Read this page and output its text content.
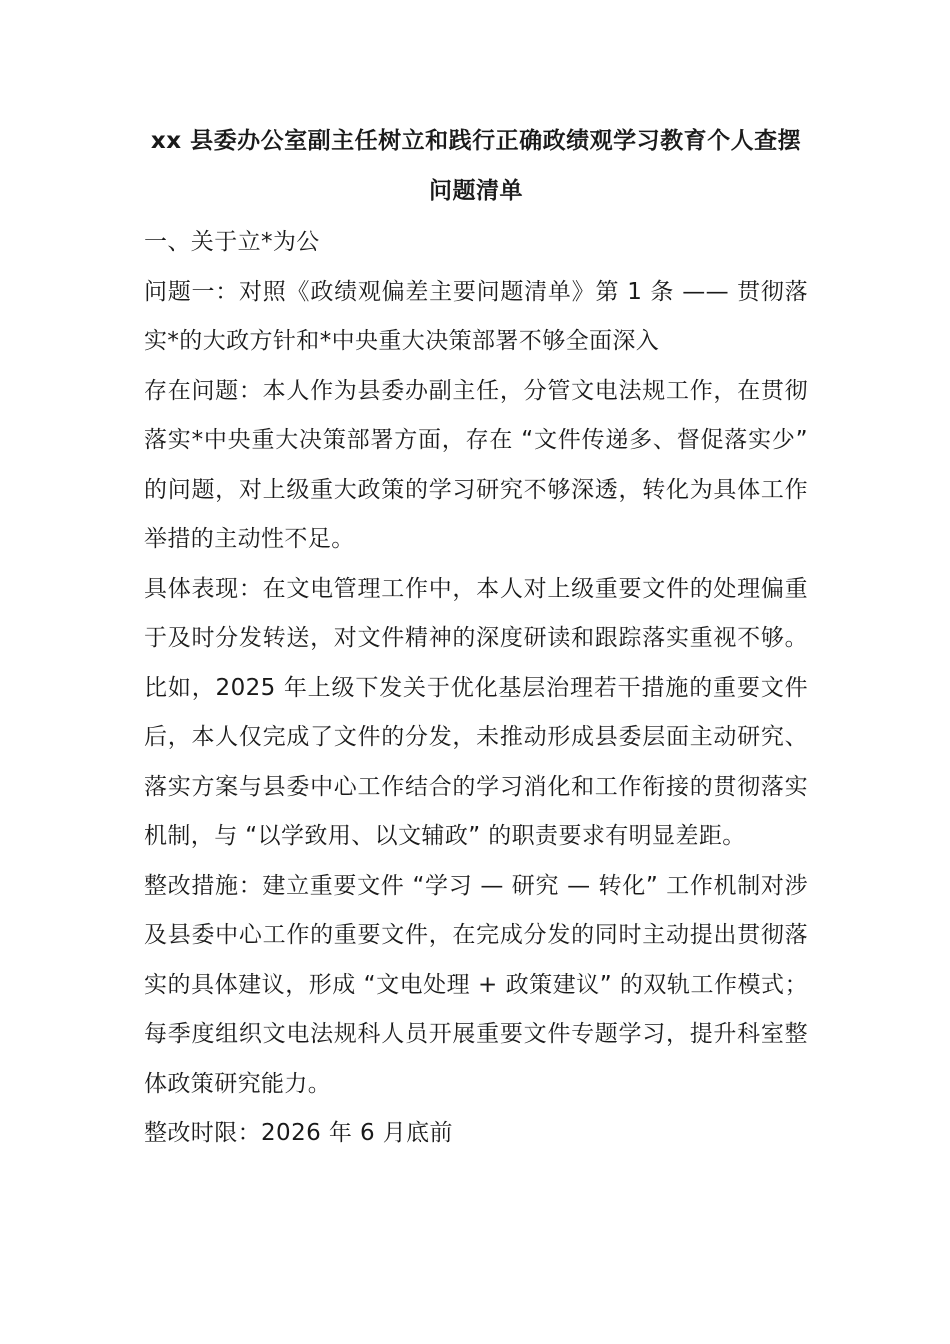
xx 县委办公室副主任树立和践行正确政绩观学习教育个人查摆
问题清单

一、关于立*为公

问题一：对照《政绩观偏差主要问题清单》第 1 条 —— 贯彻落实*的大政方针和*中央重大决策部署不够全面深入

存在问题：本人作为县委办副主任，分管文电法规工作，在贯彻落实*中央重大决策部署方面，存在 “文件传递多、督促落实少” 的问题，对上级重大政策的学习研究不够深透，转化为具体工作举措的主动性不足。

具体表现：在文电管理工作中，本人对上级重要文件的处理偏重于及时分发转送，对文件精神的深度研读和跟踪落实重视不够。比如，2025 年上级下发关于优化基层治理若干措施的重要文件后，本人仅完成了文件的分发，未推动形成县委层面主动研究、落实方案与县委中心工作结合的学习消化和工作衔接的贯彻落实机制，与 “以学致用、以文辅政” 的职责要求有明显差距。

整改措施：建立重要文件 “学习 — 研究 — 转化” 工作机制对涉及县委中心工作的重要文件，在完成分发的同时主动提出贯彻落实的具体建议，形成 “文电处理 + 政策建议” 的双轨工作模式；每季度组织文电法规科人员开展重要文件专题学习，提升科室整体政策研究能力。

整改时限：2026 年 6 月底前
